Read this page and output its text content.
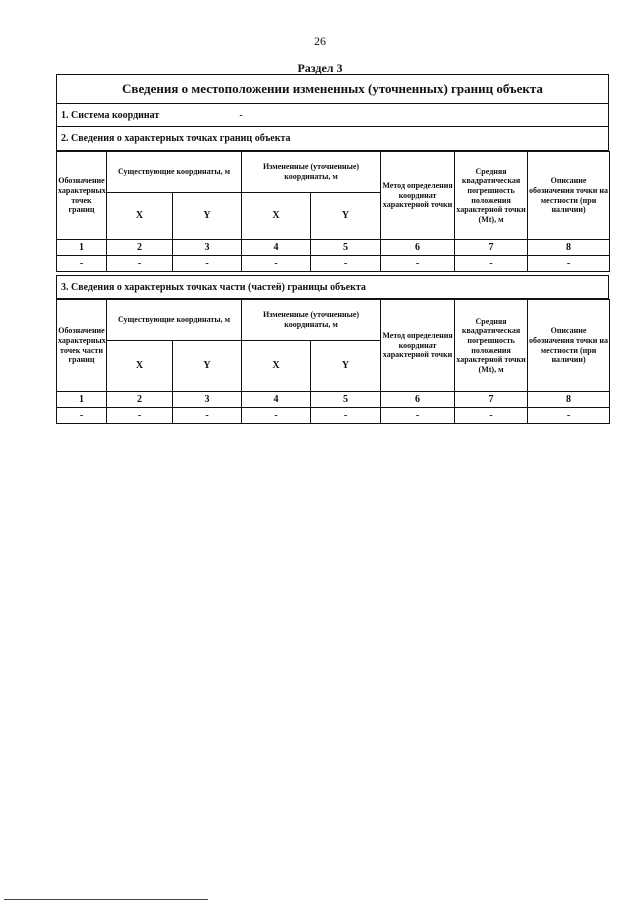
26
Раздел 3
Сведения о местоположении измененных (уточненных) границ объекта
1. Система координат	-
2. Сведения о характерных точках границ объекта
Обозначение характерных точек границ	Существующие координаты, м		Измененные (уточненные) координаты, м		Метод определения координат характерной точки	Средняя квадратическая погрешность положения характерной точки (Mt), м	Описание обозначения точки на местности (при наличии)
	X	Y	X	Y			
1	2	3	4	5	6	7	8
-	-	-	-	-	-	-	-
3. Сведения о характерных точках части (частей) границы объекта
Обозначение характерных точек части границ	Существующие координаты, м		Измененные (уточненные) координаты, м		Метод определения координат характерной точки	Средняя квадратическая погрешность положения характерной точки (Mt), м	Описание обозначения точки на местности (при наличии)
	X	Y	X	Y			
1	2	3	4	5	6	7	8
-	-	-	-	-	-	-	-
